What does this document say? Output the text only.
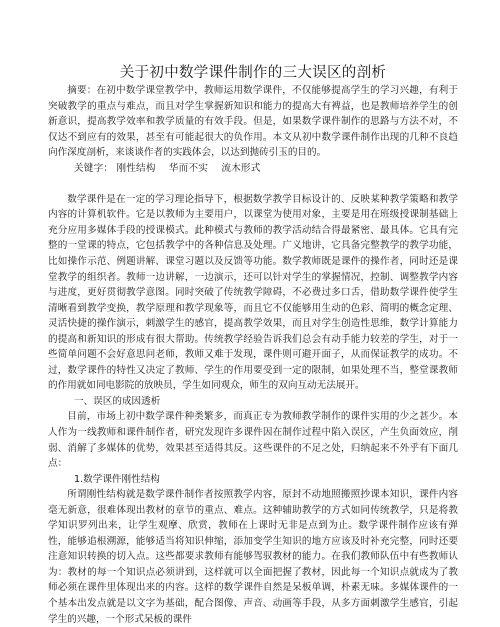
关于初中数学课件制作的三大误区的剖析

摘要：在初中数学课堂教学中，教师运用数学课件，不仅能够提高学生的学习兴趣，有利于突破教学的重点与难点，而且对学生掌握新知识和能力的提高大有裨益，也是教师培养学生的创新意识，提高教学效率和教学质量的有效手段。但是，如果数学课件制作的思路与方法不对，不仅达不到应有的效果，甚至有可能起很大的负作用。本文从初中数学课件制作出现的几种不良趋向作深度剖析，来谈谈作者的实践体会，以达到抛砖引玉的目的。

关键字： 刚性结构 华而不实 流木形式

数学课件是在一定的学习理论指导下，根据数学教学目标设计的、反映某种教学策略和教学内容的计算机软件。它是以教师为主要用户，以课堂为使用对象，主要是用在班级授课制基础上充分应用多媒体手段的授课模式。此种模式与教师的教学活动结合得最紧密、最具体。它具有完整的一堂课的特点，它包括教学中的各种信息及处理。广义地讲，它具备完整教学的教学功能，比如操作示范、例题讲解、课堂习题以及反馈等功能。数学教师既是课件的操作者，同时还是课堂教学的组织者。教师一边讲解，一边演示，还可以针对学生的掌握情况，控制、调整教学内容与进度，更好贯彻教学意图。同时突破了传统教学障碍，不必费过多口舌，借助数学课件使学生清晰看到教学变换，教学原理和教学现象等，而且它不仅能够用生动的色彩、简明的概念定理、灵活快捷的操作演示，刺激学生的感官，提高教学效果，而且对学生创造性思维，数学计算能力的提高和新知识的形成有很大帮助。传统教学经验告诉我们总会有动手能力较差的学生，对于一些简单问题不会好意思问老师，教师又难于发现，课件则可避开面子，从而保证教学的成功。不过，数学课件的特性又决定了教师、学生的作用要受到一定的限制，如果处理不当，整堂课教师的作用就如同电影院的放映员，学生如同观众，师生的双向互动无法展开。

一、误区的成因透析

目前，市场上初中数学课件种类繁多，而真正专为教师教学制作的课件实用的少之甚少。本人作为一线教师和课件制作者，研究发现许多课件因在制作过程中陷入误区，产生负面效应，削弱、消解了多媒体的优势，效果甚至适得其反。这些课件的不足之处，归纳起来不外乎有下面几点：

1.数学课件刚性结构

所谓刚性结构就是数学课件制作者按照教学内容，原封不动地照搬照抄课本知识，课件内容毫无新意，很难体现出教材的章节的重点、难点。这种辅助教学的方式如同传统教学，只是将教学知识罗列出来，让学生观摩、欣赏，教师在上课时无非是点到为止。数学课件制作应该有弹性，能够追根溯源，能够适当将知识伸缩，添加变学生知识的地方应该及时补充完整，同时还要注意知识转换的切入点。这些都要求教师有能够驾驭教材的能力。在我们教师队伍中有些教师认为：教材的每一个知识点必须讲到，这样就可以全面把握了教材，因此每一个知识点就成为了教师必须在课件里体现出来的内容。这样的数学课件自然是呆板单调，朴素无味。多媒体课件的一个基本出发点就是以文字为基础，配合图像、声音、动画等手段，从多方面刺激学生感官，引起学生的兴趣，一个形式呆板的课件
